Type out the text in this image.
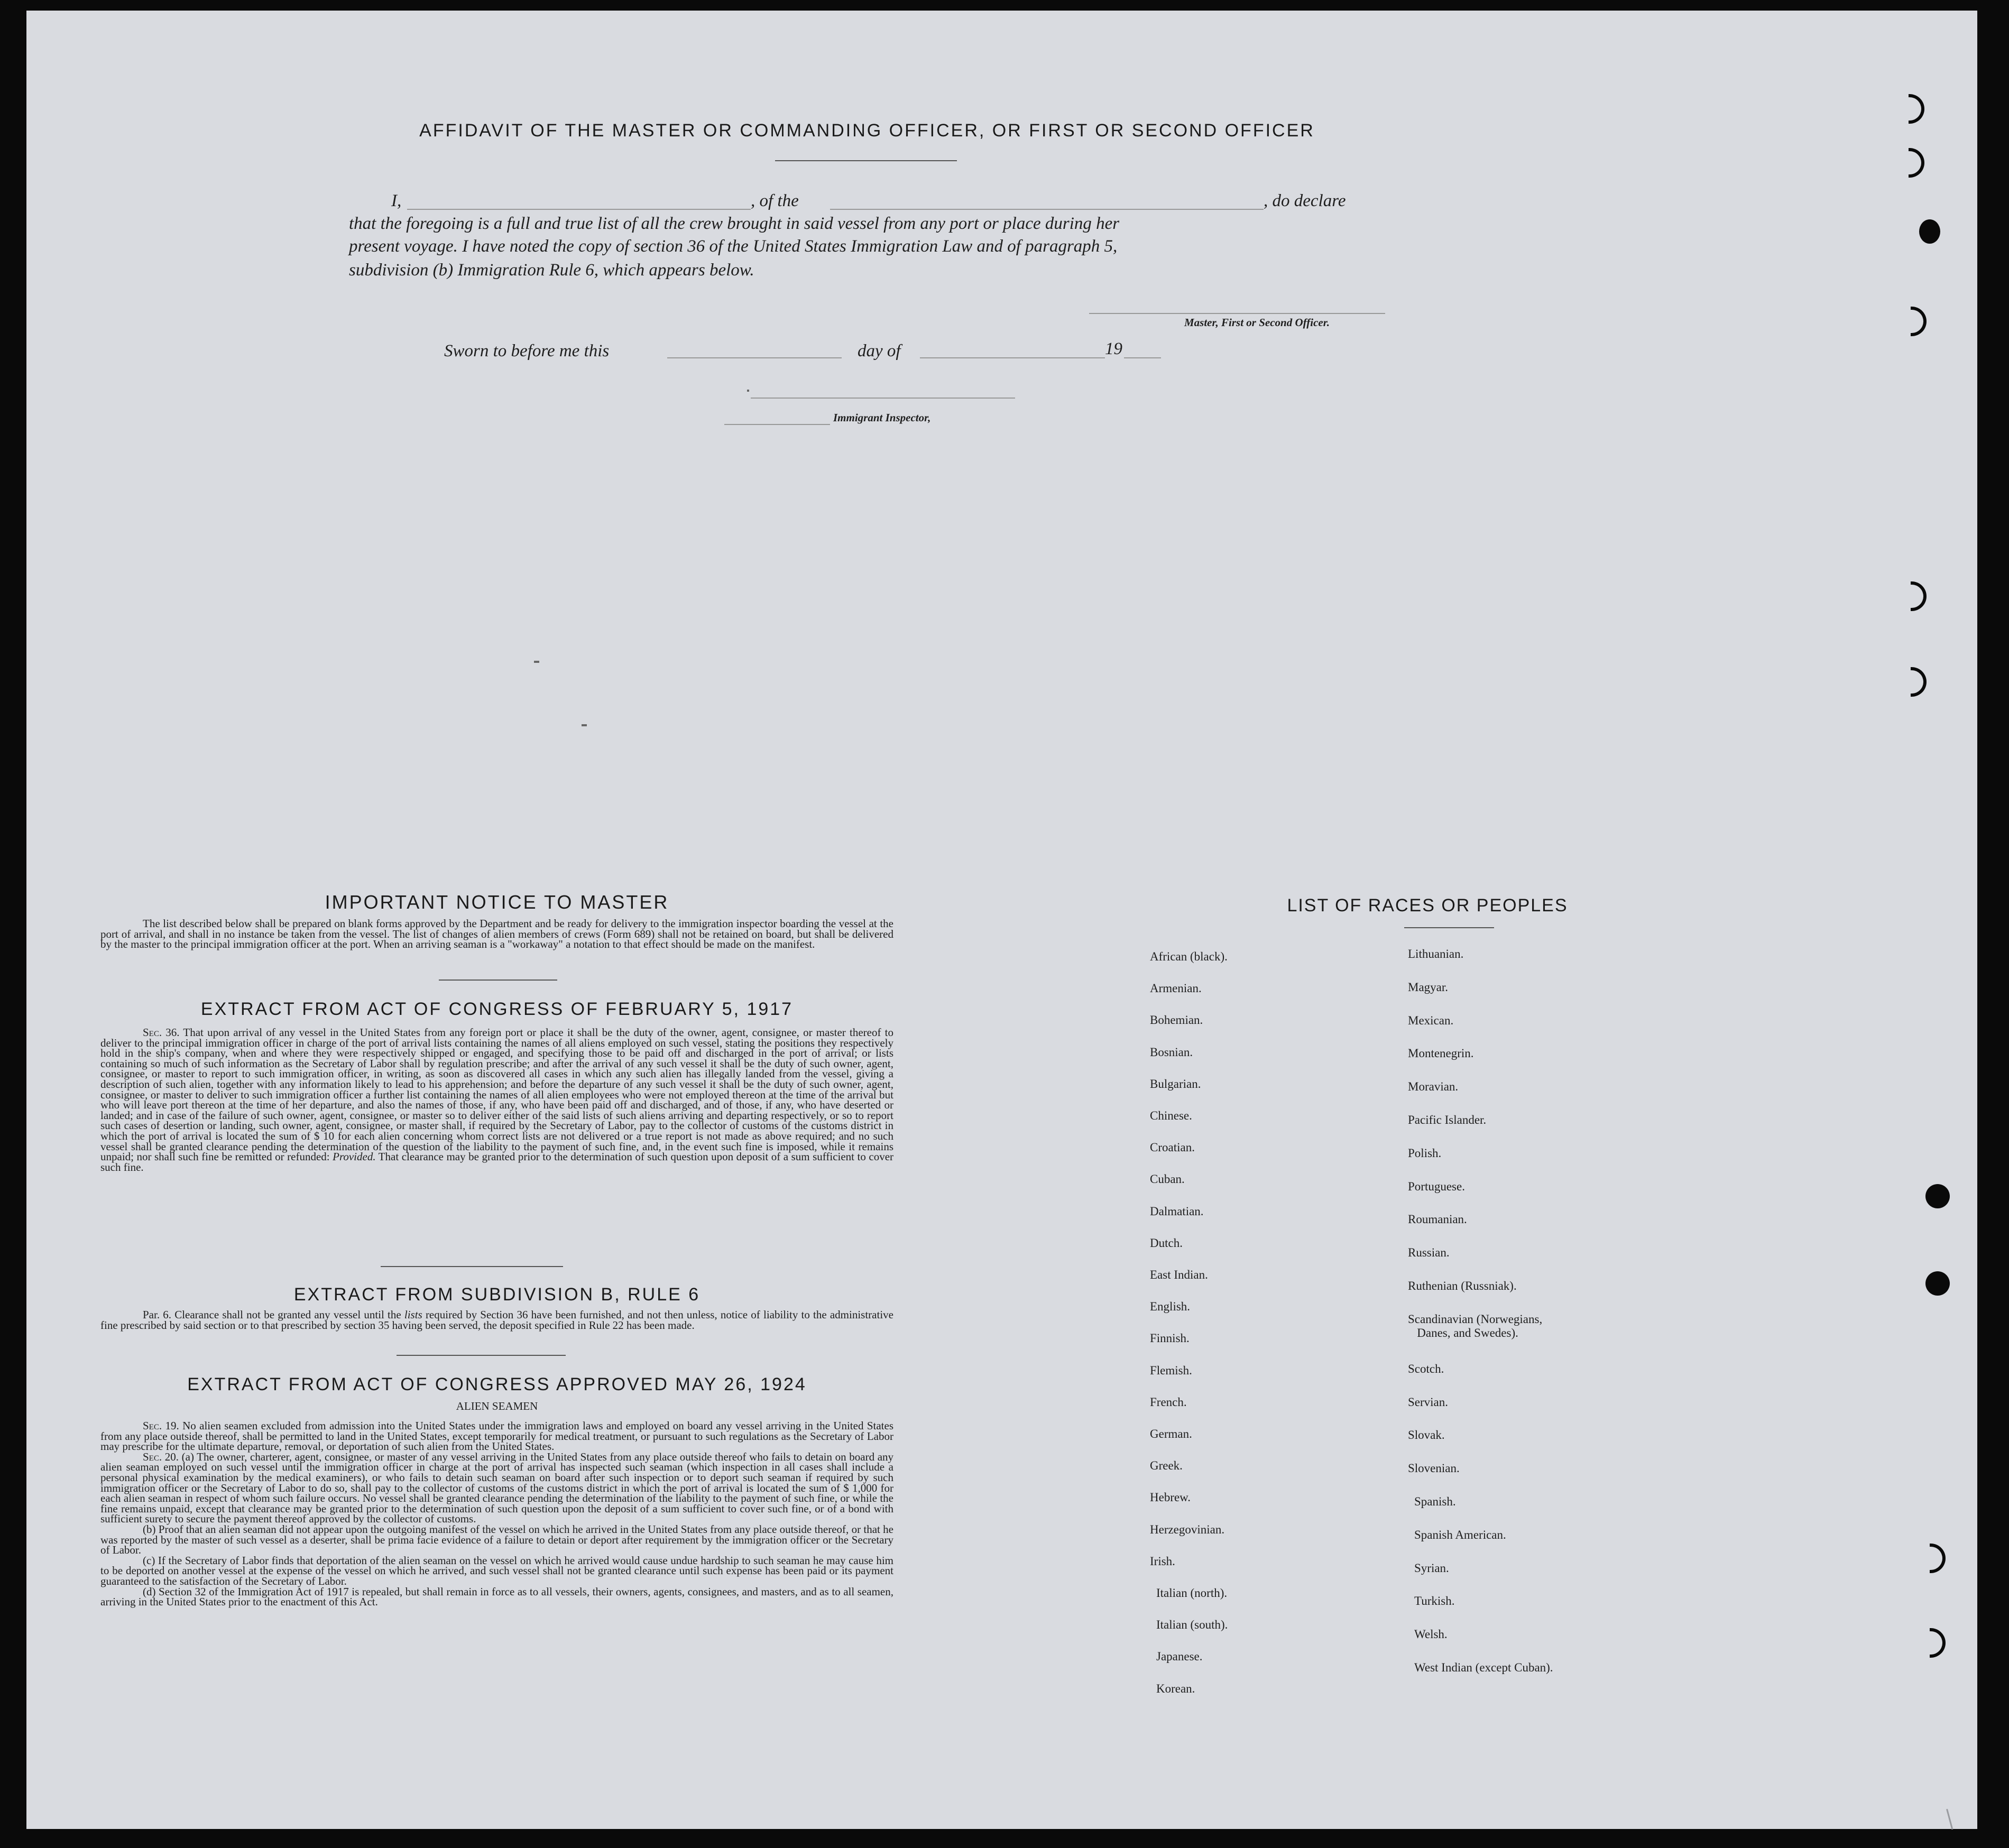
AFFIDAVIT OF THE MASTER OR COMMANDING OFFICER, OR FIRST OR SECOND OFFICER
I,	, of the	, do declare
that the foregoing is a full and true list of all the crew brought in said vessel from any port or place during her
present voyage. I have noted the copy of section 36 of the United States Immigration Law and of paragraph 5,
subdivision (b) Immigration Rule 6, which appears below.
Master, First or Second Officer.
Sworn to before me this	day of	19
Immigrant Inspector,
IMPORTANT NOTICE TO MASTER

The list described below shall be prepared on blank forms approved by the Department and be ready for delivery to the immigration inspector boarding the vessel at the port of arrival, and shall in no instance be taken from the vessel. The list of changes of alien members of crews (Form 689) shall not be retained on board, but shall be delivered by the master to the principal immigration officer at the port. When an arriving seaman is a "workaway" a notation to that effect should be made on the manifest.

EXTRACT FROM ACT OF CONGRESS OF FEBRUARY 5, 1917

Sec. 36. That upon arrival of any vessel in the United States from any foreign port or place it shall be the duty of the owner, agent, consignee, or master thereof to deliver to the principal immigration officer in charge of the port of arrival lists containing the names of all aliens employed on such vessel, stating the positions they respectively hold in the ship's company, when and where they were respectively shipped or engaged, and specifying those to be paid off and discharged in the port of arrival; or lists containing so much of such information as the Secretary of Labor shall by regulation prescribe; and after the arrival of any such vessel it shall be the duty of such owner, agent, consignee, or master to report to such immigration officer, in writing, as soon as discovered all cases in which any such alien has illegally landed from the vessel, giving a description of such alien, together with any information likely to lead to his apprehension; and before the departure of any such vessel it shall be the duty of such owner, agent, consignee, or master to deliver to such immigration officer a further list containing the names of all alien employees who were not employed thereon at the time of the arrival but who will leave port thereon at the time of her departure, and also the names of those, if any, who have been paid off and discharged, and of those, if any, who have deserted or landed; and in case of the failure of such owner, agent, consignee, or master so to deliver either of the said lists of such aliens arriving and departing respectively, or so to report such cases of desertion or landing, such owner, agent, consignee, or master shall, if required by the Secretary of Labor, pay to the collector of customs of the customs district in which the port of arrival is located the sum of $ 10 for each alien concerning whom correct lists are not delivered or a true report is not made as above required; and no such vessel shall be granted clearance pending the determination of the question of the liability to the payment of such fine, and, in the event such fine is imposed, while it remains unpaid; nor shall such fine be remitted or refunded: Provided. That clearance may be granted prior to the determination of such question upon deposit of a sum sufficient to cover such fine.

EXTRACT FROM SUBDIVISION B, RULE 6

Par. 6. Clearance shall not be granted any vessel until the lists required by Section 36 have been furnished, and not then unless, notice of liability to the administrative fine prescribed by said section or to that prescribed by section 35 having been served, the deposit specified in Rule 22 has been made.

EXTRACT FROM ACT OF CONGRESS APPROVED MAY 26, 1924
ALIEN SEAMEN

Sec. 19. No alien seamen excluded from admission into the United States under the immigration laws and employed on board any vessel arriving in the United States from any place outside thereof, shall be permitted to land in the United States, except temporarily for medical treatment, or pursuant to such regulations as the Secretary of Labor may prescribe for the ultimate departure, removal, or deportation of such alien from the United States.

Sec. 20. (a) The owner, charterer, agent, consignee, or master of any vessel arriving in the United States from any place outside thereof who fails to detain on board any alien seaman employed on such vessel until the immigration officer in charge at the port of arrival has inspected such seaman (which inspection in all cases shall include a personal physical examination by the medical examiners), or who fails to detain such seaman on board after such inspection or to deport such seaman if required by such immigration officer or the Secretary of Labor to do so, shall pay to the collector of customs of the customs district in which the port of arrival is located the sum of $ 1,000 for each alien seaman in respect of whom such failure occurs. No vessel shall be granted clearance pending the determination of the liability to the payment of such fine, or while the fine remains unpaid, except that clearance may be granted prior to the determination of such question upon the deposit of a sum sufficient to cover such fine, or of a bond with sufficient surety to secure the payment thereof approved by the collector of customs.

(b) Proof that an alien seaman did not appear upon the outgoing manifest of the vessel on which he arrived in the United States from any place outside thereof, or that he was reported by the master of such vessel as a deserter, shall be prima facie evidence of a failure to detain or deport after requirement by the immigration officer or the Secretary of Labor.

(c) If the Secretary of Labor finds that deportation of the alien seaman on the vessel on which he arrived would cause undue hardship to such seaman he may cause him to be deported on another vessel at the expense of the vessel on which he arrived, and such vessel shall not be granted clearance until such expense has been paid or its payment guaranteed to the satisfaction of the Secretary of Labor.

(d) Section 32 of the Immigration Act of 1917 is repealed, but shall remain in force as to all vessels, their owners, agents, consignees, and masters, and as to all seamen, arriving in the United States prior to the enactment of this Act.

LIST OF RACES OR PEOPLES
African (black).
Armenian.
Bohemian.
Bosnian.
Bulgarian.
Chinese.
Croatian.
Cuban.
Dalmatian.
Dutch.
East Indian.
English.
Finnish.
Flemish.
French.
German.
Greek.
Hebrew.
Herzegovinian.
Irish.
Italian (north).
Italian (south).
Japanese.
Korean.
Lithuanian.
Magyar.
Mexican.
Montenegrin.
Moravian.
Pacific Islander.
Polish.
Portuguese.
Roumanian.
Russian.
Ruthenian (Russniak).
Scandinavian (Norwegians,
Danes, and Swedes).
Scotch.
Servian.
Slovak.
Slovenian.
Spanish.
Spanish American.
Syrian.
Turkish.
Welsh.
West Indian (except Cuban).
